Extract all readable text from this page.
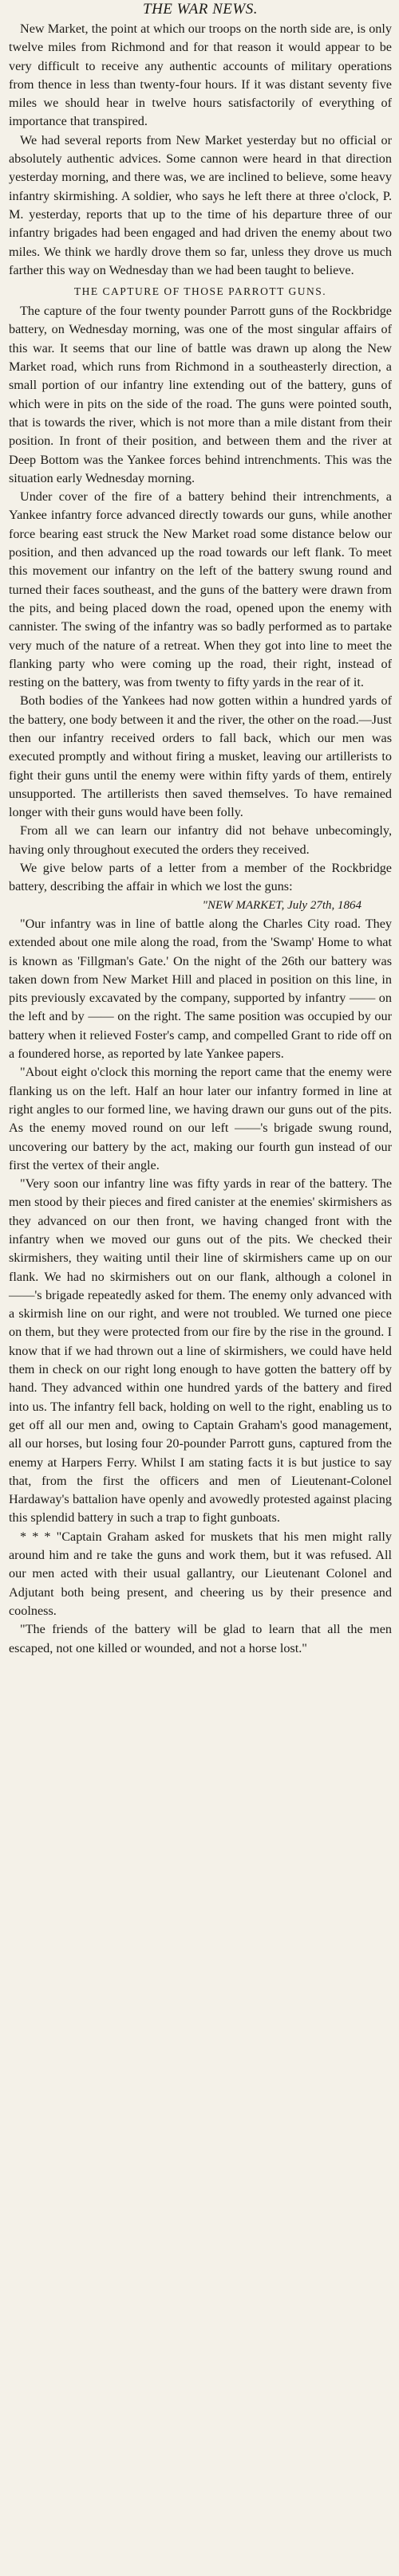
THE WAR NEWS.

New Market, the point at which our troops on the north side are, is only twelve miles from Richmond and for that reason it would appear to be very difficult to receive any authentic accounts of military operations from thence in less than twenty-four hours. If it was distant seventy five miles we should hear in twelve hours satisfactorily of everything of importance that transpired.

We had several reports from New Market yesterday but no official or absolutely authentic advices. Some cannon were heard in that direction yesterday morning, and there was, we are inclined to believe, some heavy infantry skirmishing. A soldier, who says he left there at three o'clock, P. M. yesterday, reports that up to the time of his departure three of our infantry brigades had been engaged and had driven the enemy about two miles. We think we hardly drove them so far, unless they drove us much farther this way on Wednesday than we had been taught to believe.

THE CAPTURE OF THOSE PARROTT GUNS.

The capture of the four twenty pounder Parrott guns of the Rockbridge battery, on Wednesday morning, was one of the most singular affairs of this war. It seems that our line of battle was drawn up along the New Market road, which runs from Richmond in a southeasterly direction, a small portion of our infantry line extending out of the battery, guns of which were in pits on the side of the road. The guns were pointed south, that is towards the river, which is not more than a mile distant from their position. In front of their position, and between them and the river at Deep Bottom was the Yankee forces behind intrenchments. This was the situation early Wednesday morning.

Under cover of the fire of a battery behind their intrenchments, a Yankee infantry force advanced directly towards our guns, while another force bearing east struck the New Market road some distance below our position, and then advanced up the road towards our left flank. To meet this movement our infantry on the left of the battery swung round and turned their faces southeast, and the guns of the battery were drawn from the pits, and being placed down the road, opened upon the enemy with cannister. The swing of the infantry was so badly performed as to partake very much of the nature of a retreat. When they got into line to meet the flanking party who were coming up the road, their right, instead of resting on the battery, was from twenty to fifty yards in the rear of it.

Both bodies of the Yankees had now gotten within a hundred yards of the battery, one body between it and the river, the other on the road.—Just then our infantry received orders to fall back, which our men was executed promptly and without firing a musket, leaving our artillerists to fight their guns until the enemy were within fifty yards of them, entirely unsupported. The artillerists then saved themselves. To have remained longer with their guns would have been folly.

From all we can learn our infantry did not behave unbecomingly, having only throughout executed the orders they received.

We give below parts of a letter from a member of the Rockbridge battery, describing the affair in which we lost the guns:

"NEW MARKET, July 27th, 1864

"Our infantry was in line of battle along the Charles City road. They extended about one mile along the road, from the 'Swamp' Home to what is known as 'Fillgman's Gate.' On the night of the 26th our battery was taken down from New Market Hill and placed in position on this line, in pits previously excavated by the company, supported by infantry —— on the left and by —— on the right. The same position was occupied by our battery when it relieved Foster's camp, and compelled Grant to ride off on a foundered horse, as reported by late Yankee papers.

"About eight o'clock this morning the report came that the enemy were flanking us on the left. Half an hour later our infantry formed in line at right angles to our formed line, we having drawn our guns out of the pits. As the enemy moved round on our left ——'s brigade swung round, uncovering our battery by the act, making our fourth gun instead of our first the vertex of their angle.

"Very soon our infantry line was fifty yards in rear of the battery. The men stood by their pieces and fired canister at the enemies' skirmishers as they advanced on our then front, we having changed front with the infantry when we moved our guns out of the pits. We checked their skirmishers, they waiting until their line of skirmishers came up on our flank. We had no skirmishers out on our flank, although a colonel in ——'s brigade repeatedly asked for them. The enemy only advanced with a skirmish line on our right, and were not troubled. We turned one piece on them, but they were protected from our fire by the rise in the ground. I know that if we had thrown out a line of skirmishers, we could have held them in check on our right long enough to have gotten the battery off by hand. They advanced within one hundred yards of the battery and fired into us. The infantry fell back, holding on well to the right, enabling us to get off all our men and, owing to Captain Graham's good management, all our horses, but losing four 20-pounder Parrott guns, captured from the enemy at Harpers Ferry. Whilst I am stating facts it is but justice to say that, from the first the officers and men of Lieutenant-Colonel Hardaway's battalion have openly and avowedly protested against placing this splendid battery in such a trap to fight gunboats.

* * * "Captain Graham asked for muskets that his men might rally around him and re take the guns and work them, but it was refused. All our men acted with their usual gallantry, our Lieutenant Colonel and Adjutant both being present, and cheering us by their presence and coolness.

"The friends of the battery will be glad to learn that all the men escaped, not one killed or wounded, and not a horse lost."
